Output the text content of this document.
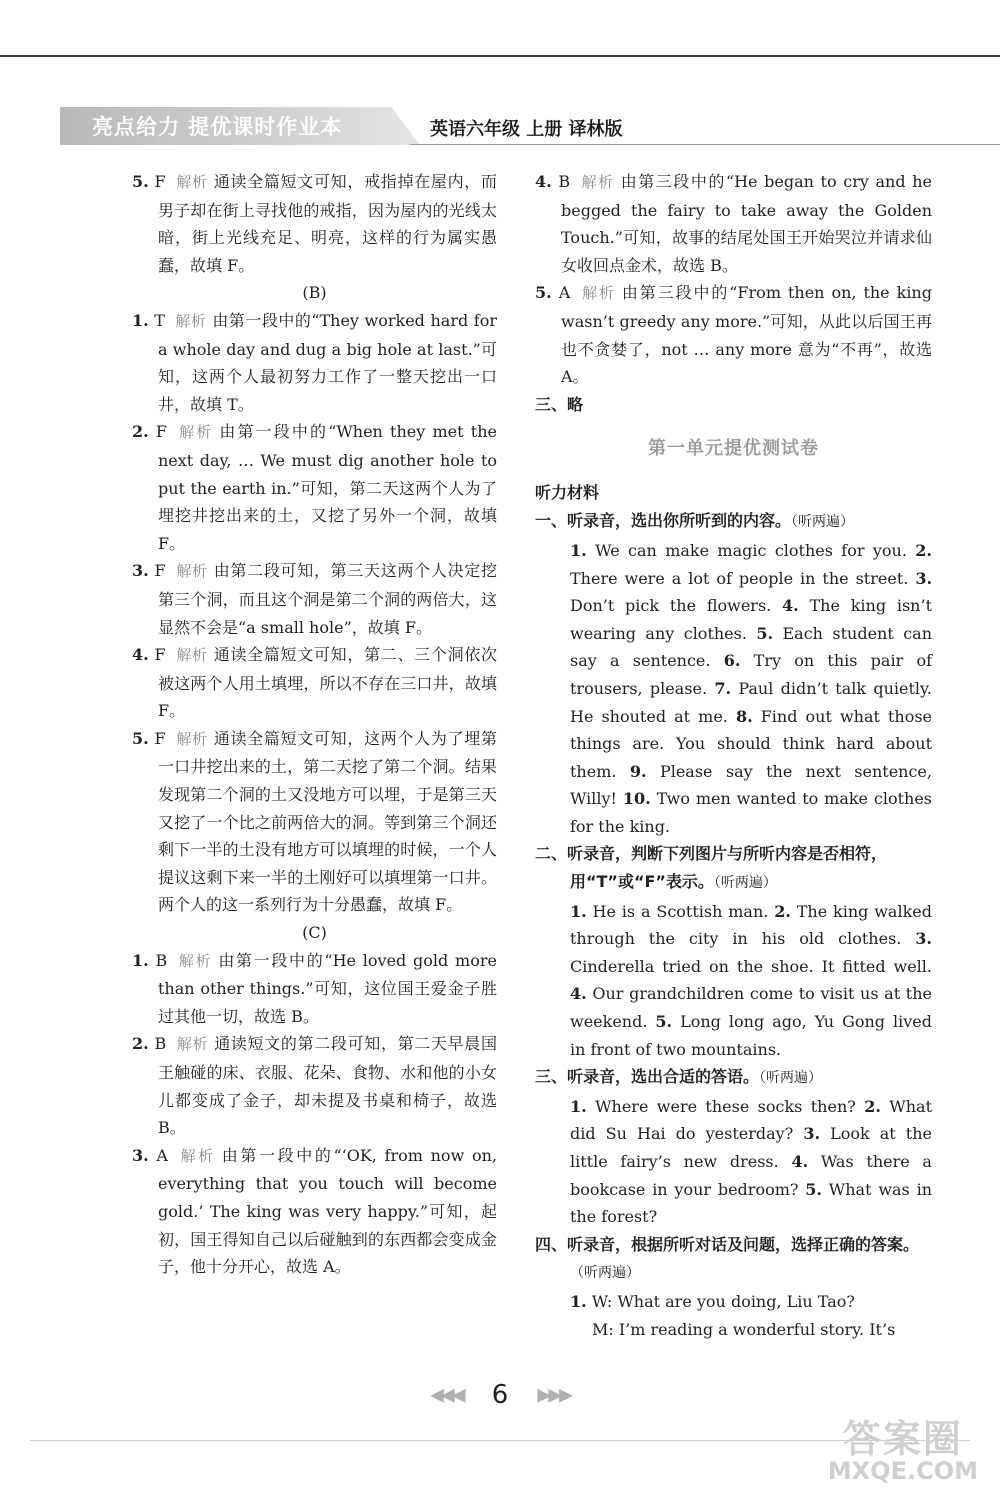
亮点给力 提优课时作业本	英语六年级 上册 译林版

5. F 解析 通读全篇短文可知，戒指掉在屋内，而男子却在街上寻找他的戒指，因为屋内的光线太暗，街上光线充足、明亮，这样的行为属实愚蠢，故填 F。

(B)

1. T 解析 由第一段中的“They worked hard for a whole day and dug a big hole at last.”可知，这两个人最初努力工作了一整天挖出一口井，故填 T。

2. F 解析 由第一段中的“When they met the next day, … We must dig another hole to put the earth in.”可知，第二天这两个人为了埋挖井挖出来的土，又挖了另外一个洞，故填 F。

3. F 解析 由第二段可知，第三天这两个人决定挖第三个洞，而且这个洞是第二个洞的两倍大，这显然不会是“a small hole”，故填 F。

4. F 解析 通读全篇短文可知，第二、三个洞依次被这两个人用土填埋，所以不存在三口井，故填 F。

5. F 解析 通读全篇短文可知，这两个人为了埋第一口井挖出来的土，第二天挖了第二个洞。结果发现第二个洞的土又没地方可以埋，于是第三天又挖了一个比之前两倍大的洞。等到第三个洞还剩下一半的土没有地方可以填埋的时候，一个人提议这剩下来一半的土刚好可以填埋第一口井。两个人的这一系列行为十分愚蠢，故填 F。

(C)

1. B 解析 由第一段中的“He loved gold more than other things.”可知，这位国王爱金子胜过其他一切，故选 B。

2. B 解析 通读短文的第二段可知，第二天早晨国王触碰的床、衣服、花朵、食物、水和他的小女儿都变成了金子，却未提及书桌和椅子，故选 B。

3. A 解析 由第一段中的“‘OK, from now on, everything that you touch will become gold.’ The king was very happy.”可知，起初，国王得知自己以后碰触到的东西都会变成金子，他十分开心，故选 A。

4. B 解析 由第三段中的“He began to cry and he begged the fairy to take away the Golden Touch.”可知，故事的结尾处国王开始哭泣并请求仙女收回点金术，故选 B。

5. A 解析 由第三段中的“From then on, the king wasn’t greedy any more.”可知，从此以后国王再也不贪婪了，not … any more 意为“不再”，故选 A。

三、略

第一单元提优测试卷

听力材料

一、听录音，选出你所听到的内容。（听两遍）
1. We can make magic clothes for you. 2. There were a lot of people in the street. 3. Don’t pick the flowers. 4. The king isn’t wearing any clothes. 5. Each student can say a sentence. 6. Try on this pair of trousers, please. 7. Paul didn’t talk quietly. He shouted at me. 8. Find out what those things are. You should think hard about them. 9. Please say the next sentence, Willy! 10. Two men wanted to make clothes for the king.
二、听录音，判断下列图片与所听内容是否相符，用“T”或“F”表示。（听两遍）
1. He is a Scottish man. 2. The king walked through the city in his old clothes. 3. Cinderella tried on the shoe. It fitted well. 4. Our grandchildren come to visit us at the weekend. 5. Long long ago, Yu Gong lived in front of two mountains.
三、听录音，选出合适的答语。（听两遍）
1. Where were these socks then? 2. What did Su Hai do yesterday? 3. Look at the little fairy’s new dress. 4. Was there a bookcase in your bedroom? 5. What was in the forest?
四、听录音，根据所听对话及问题，选择正确的答案。（听两遍）
1. W: What are you doing, Liu Tao?
M: I’m reading a wonderful story. It’s
◀◀◀ 6 ▶▶▶
答案圈
MXQE.COM
